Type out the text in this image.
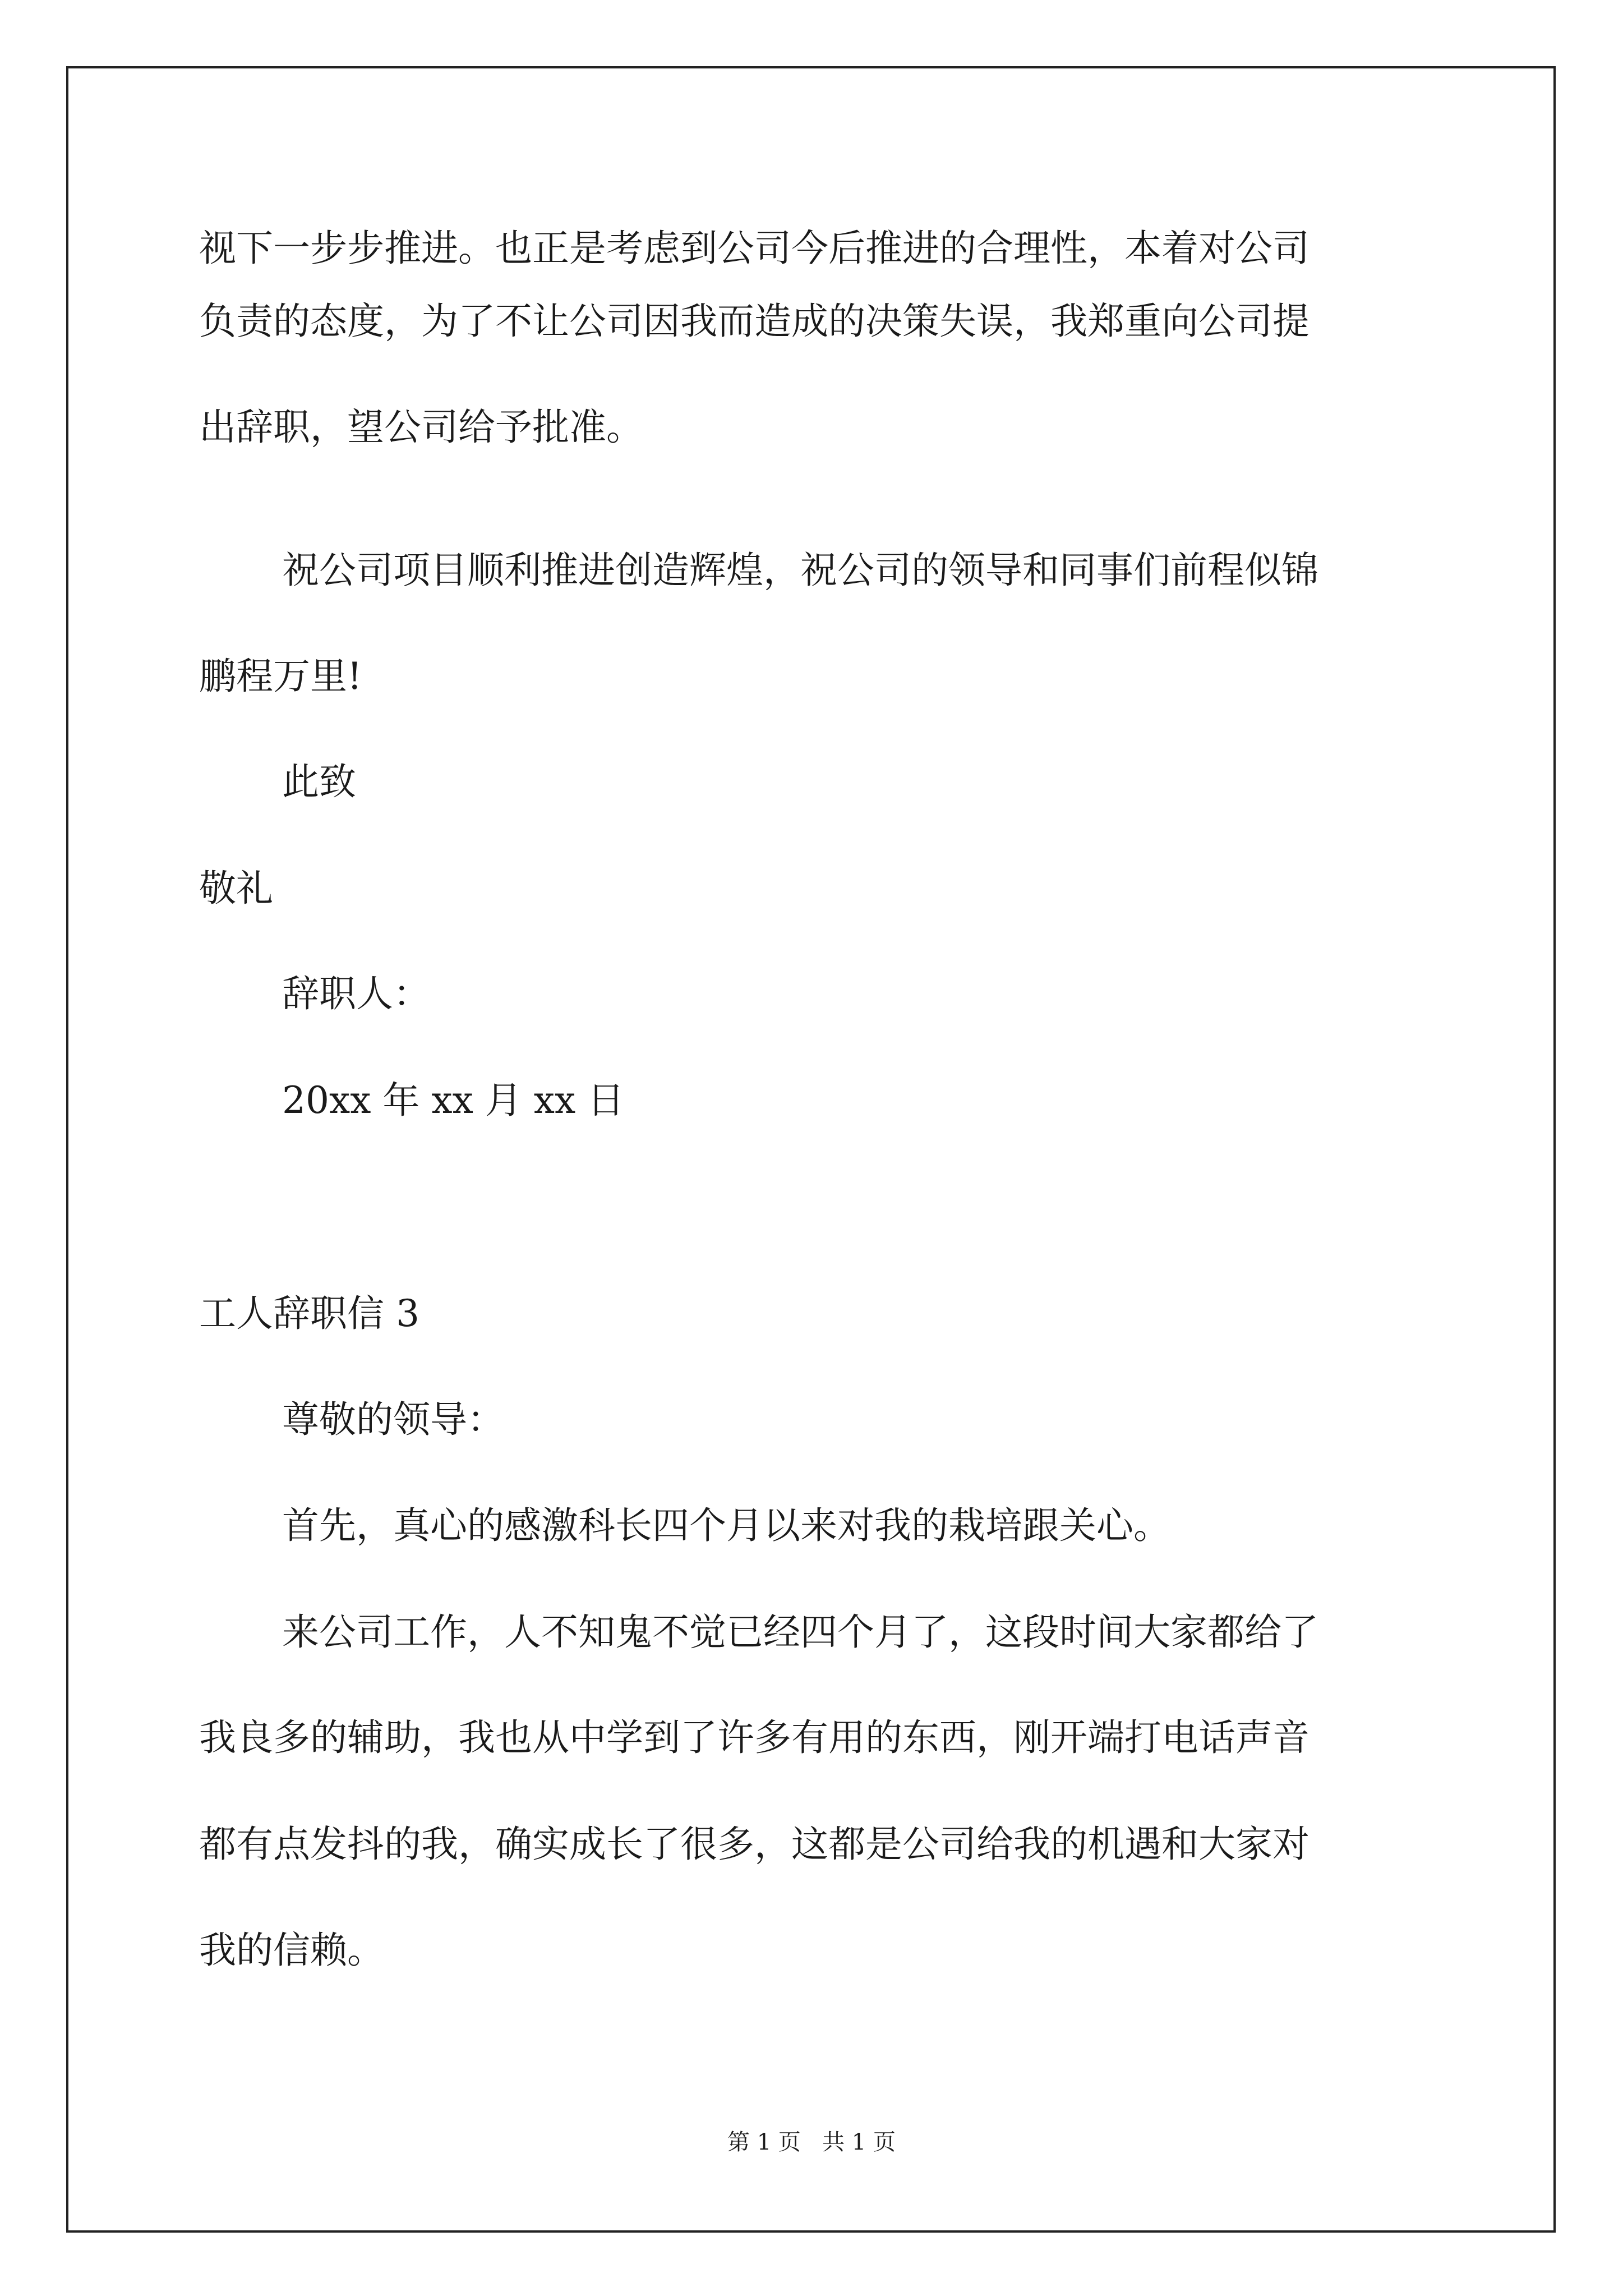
视下一步步推进。也正是考虑到公司今后推进的合理性，本着对公司
负责的态度，为了不让公司因我而造成的决策失误，我郑重向公司提
出辞职，望公司给予批准。
祝公司项目顺利推进创造辉煌，祝公司的领导和同事们前程似锦
鹏程万里!
此致
敬礼
辞职人：
20xx 年 xx 月 xx 日
工人辞职信 3
尊敬的领导：
首先，真心的感激科长四个月以来对我的栽培跟关心。
来公司工作，人不知鬼不觉已经四个月了，这段时间大家都给了
我良多的辅助，我也从中学到了许多有用的东西，刚开端打电话声音
都有点发抖的我，确实成长了很多，这都是公司给我的机遇和大家对
我的信赖。
第 1 页   共 1 页
